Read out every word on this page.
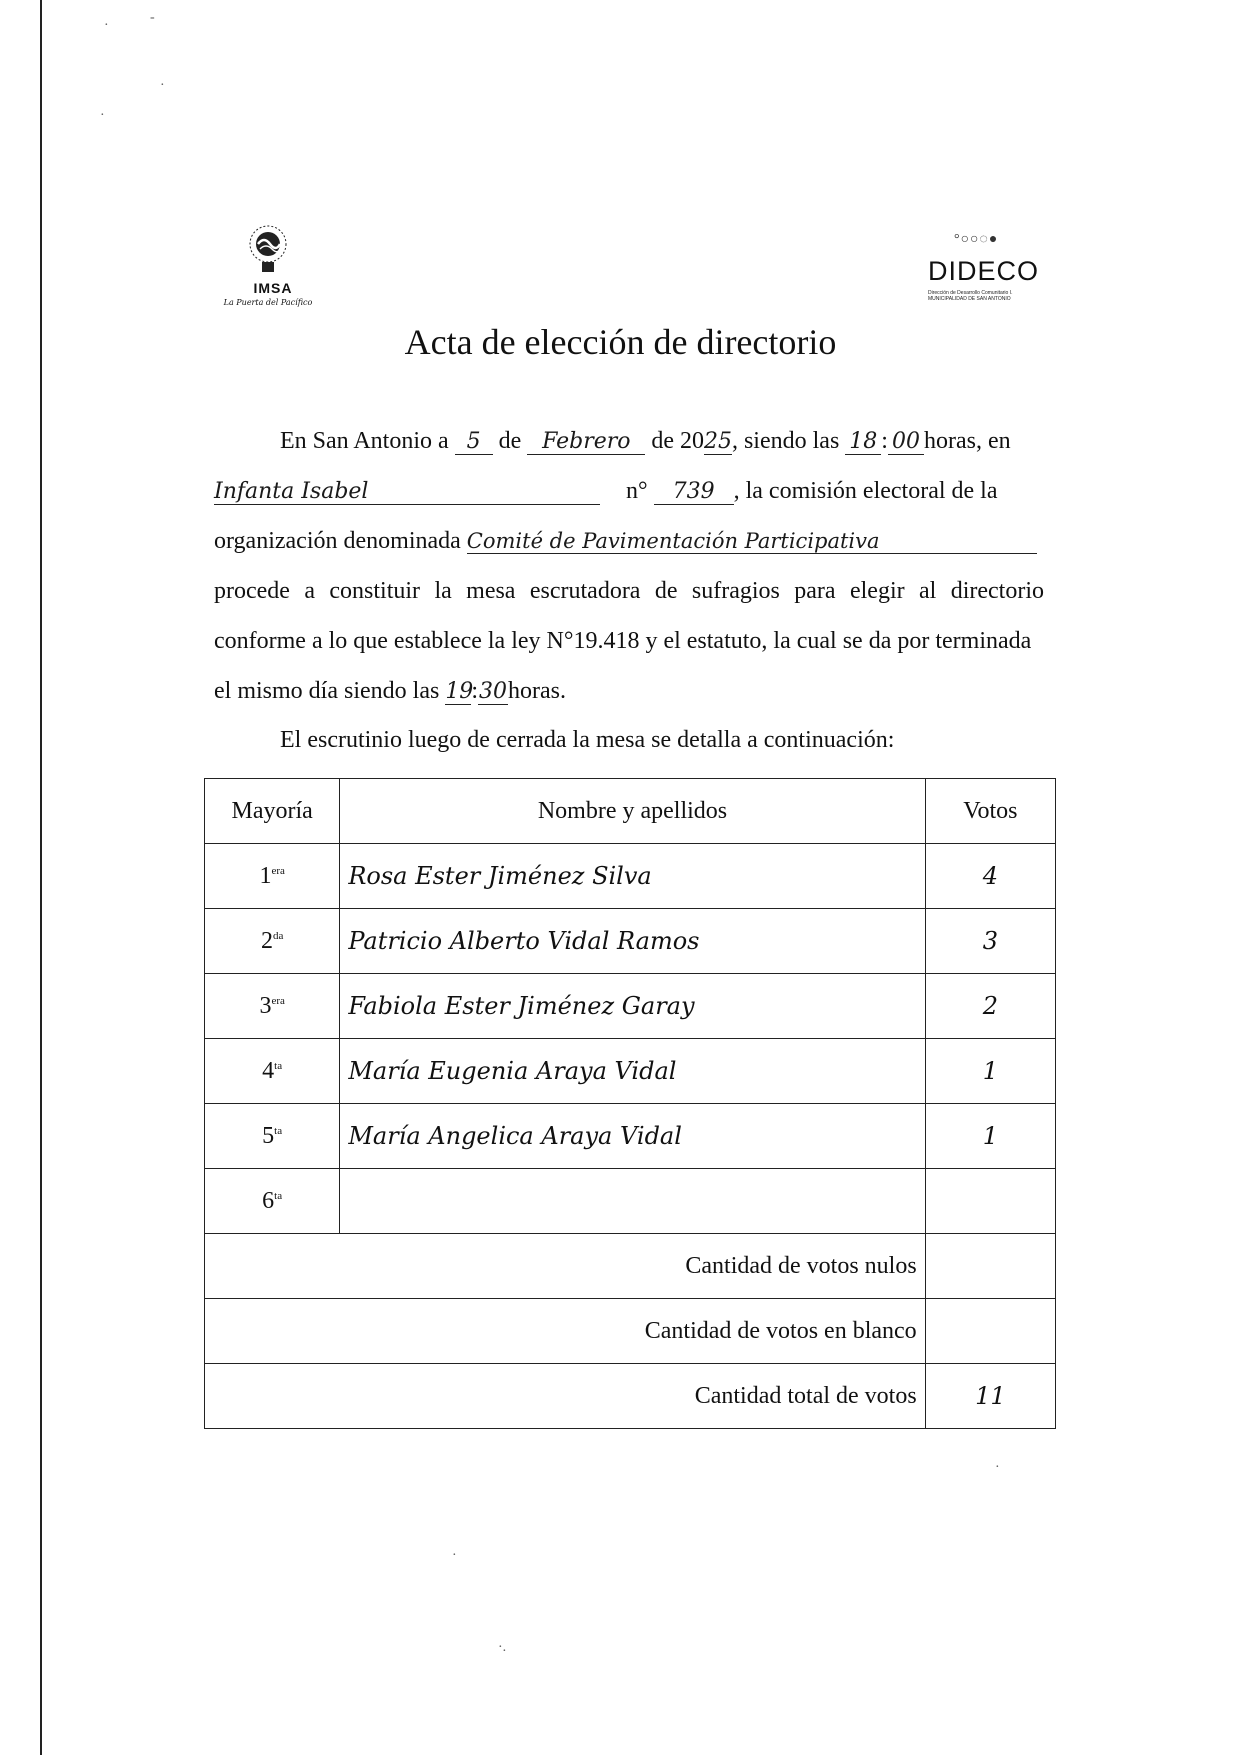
·
-
·
·
IMSA
La Puerta del Pacífico
°○○◌●
DIDECO
Dirección de Desarrollo Comunitario I. MUNICIPALIDAD DE SAN ANTONIO
Acta de elección de directorio
En San Antonio a 5 de Febrero de 2025, siendo las 18 : 00 horas, en
Infanta Isabel	n° 739 , la comisión electoral de la
organización denominada Comité de Pavimentación Participativa
procede a constituir la mesa escrutadora de sufragios para elegir al directorio
conforme a lo que establece la ley N°19.418 y el estatuto, la cual se da por terminada
el mismo día siendo las 19:30horas.
El escrutinio luego de cerrada la mesa se detalla a continuación:
Mayoría	Nombre y apellidos	Votos
$1^{era}$	Rosa Ester Jiménez Silva	4
$2^{da}$	Patricio Alberto Vidal Ramos	3
$3^{era}$	Fabiola Ester Jiménez Garay	2
$4^{ta}$	María Eugenia Araya Vidal	1
$5^{ta}$	María Angelica Araya Vidal	1
$6^{ta}$		
Cantidad de votos nulos		
Cantidad de votos en blanco		
Cantidad total de votos		11
·
·
·.
